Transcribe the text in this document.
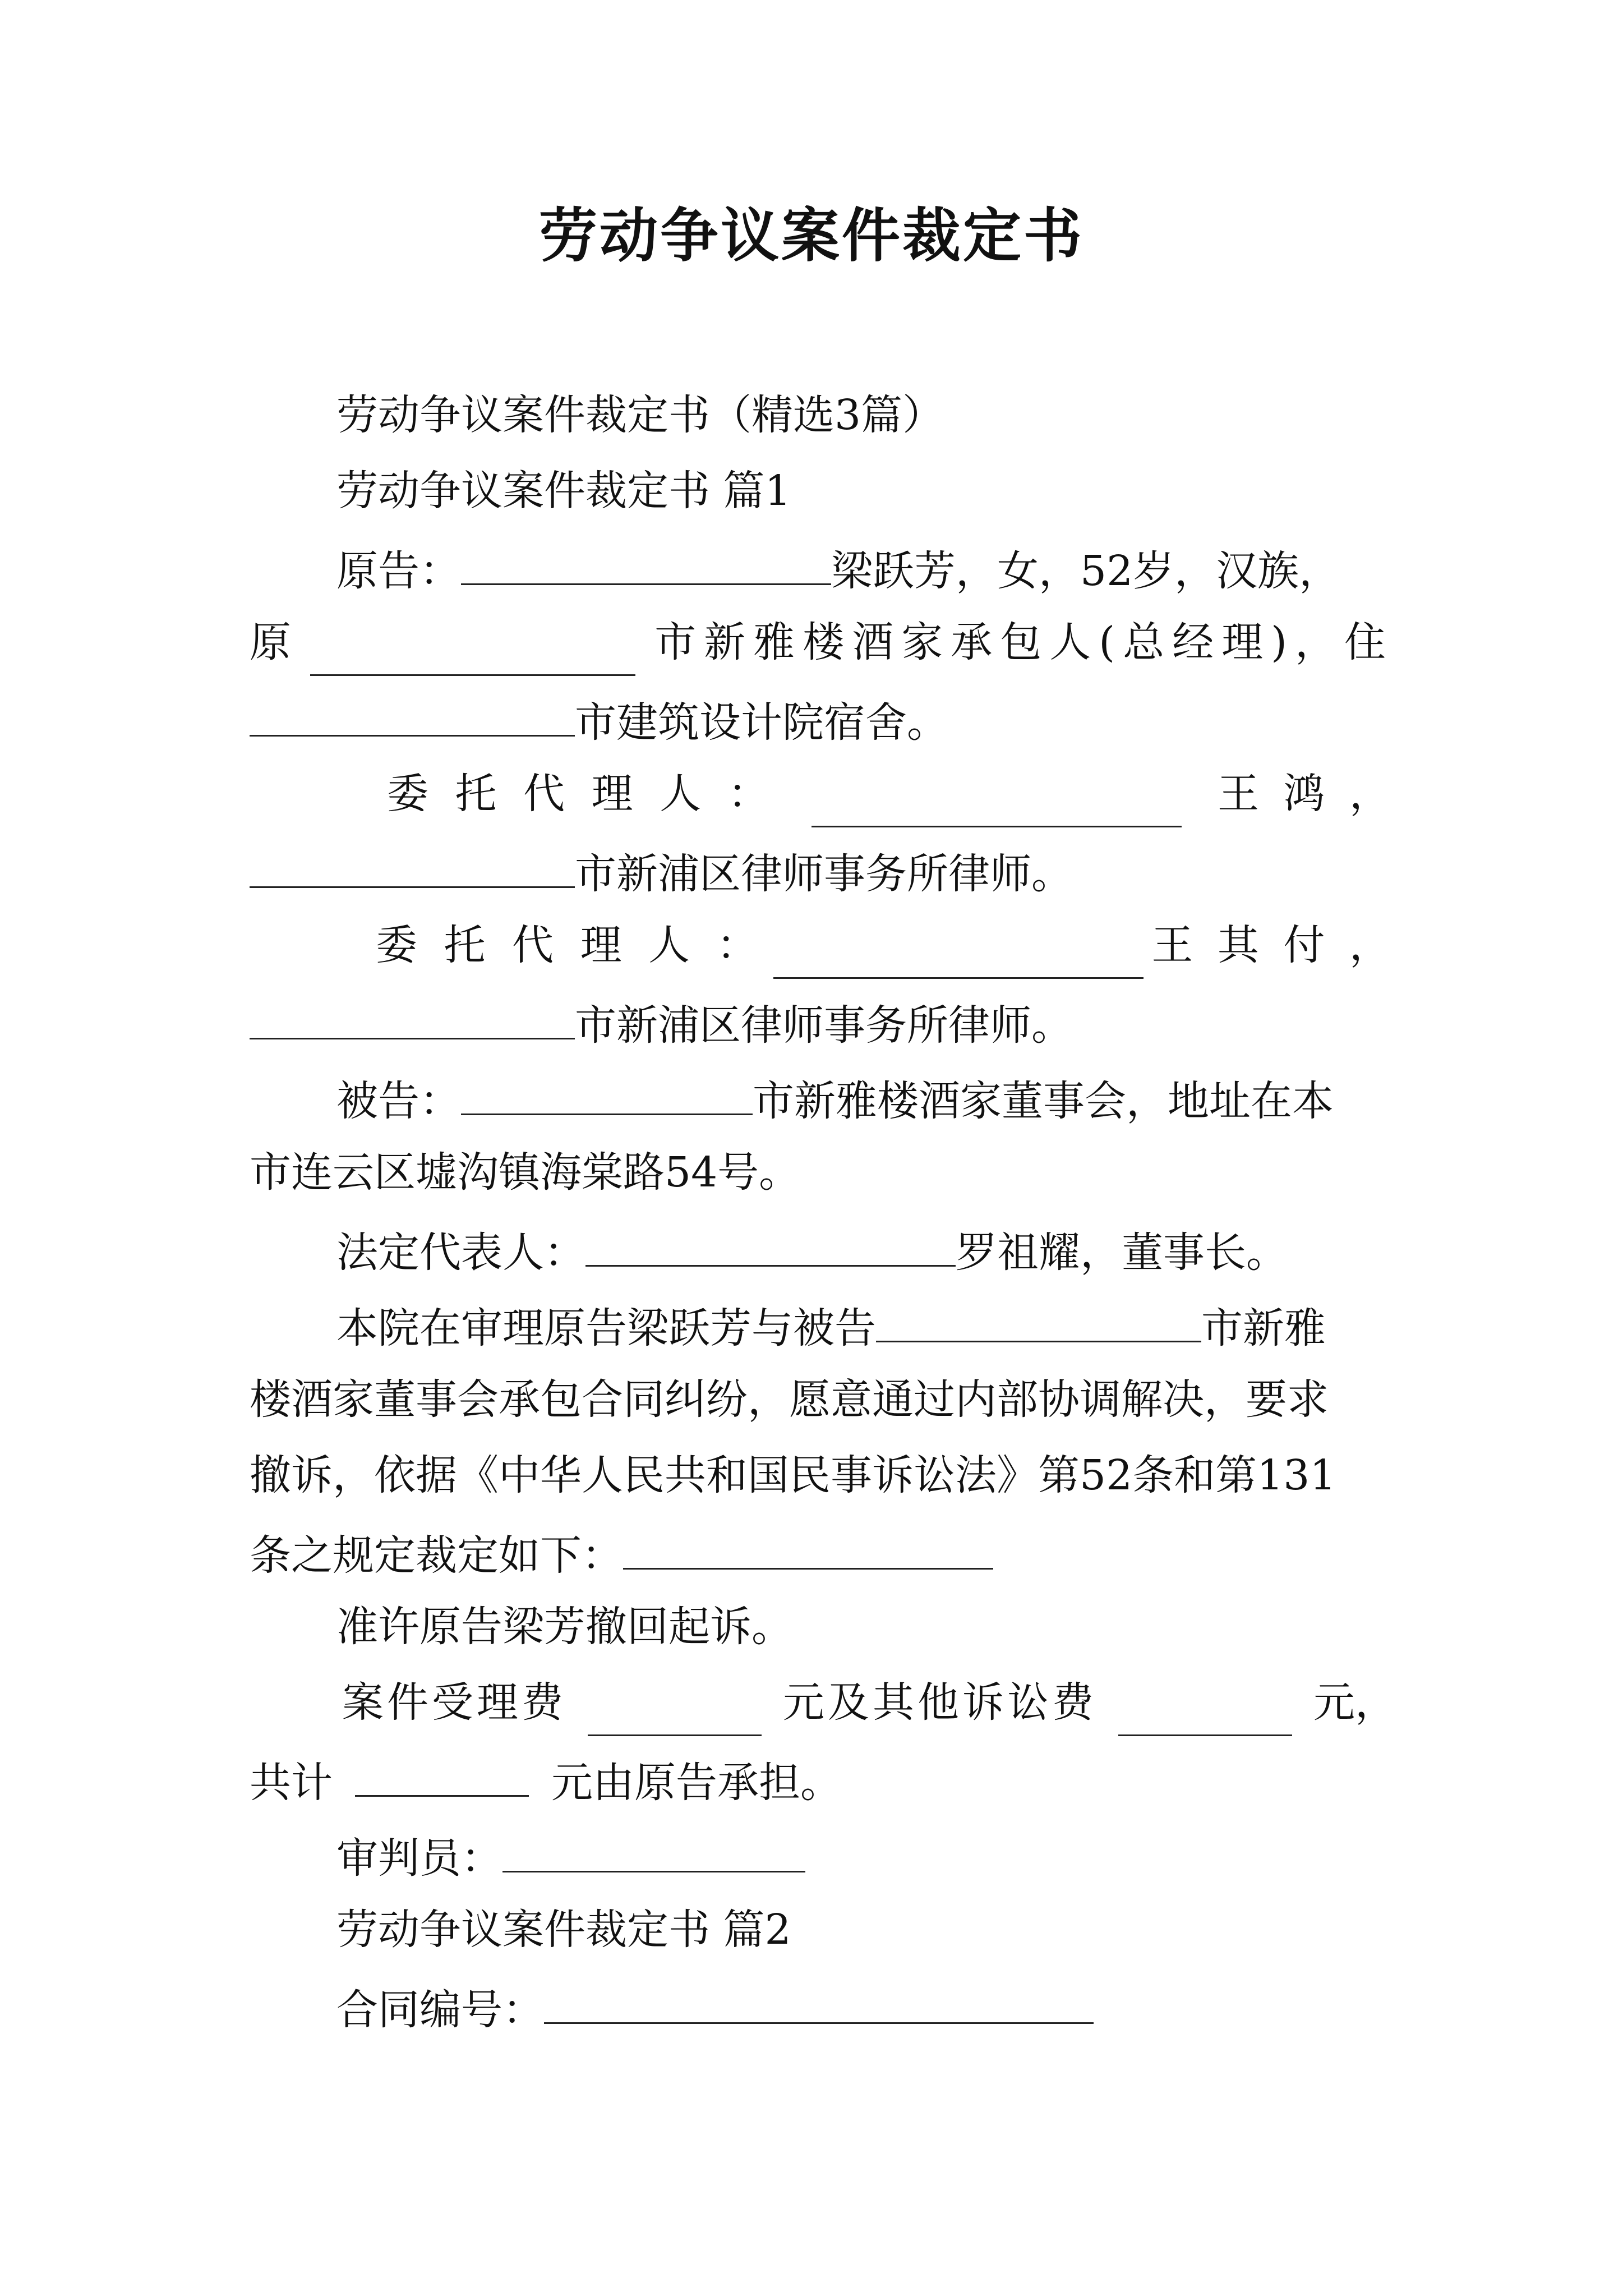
劳动争议案件裁定书
劳动争议案件裁定书（精选3篇）
劳动争议案件裁定书 篇1
原告：	梁跃芳，女，52岁，汉族，
原	市新雅楼酒家承包人(总经理)，住
市建筑设计院宿舍。
委 托 代 理 人 ：	王 鸿 ，
市新浦区律师事务所律师。
委 托 代 理 人 ：	王 其 付 ，
市新浦区律师事务所律师。
被告：	市新雅楼酒家董事会，地址在本
市连云区墟沟镇海棠路54号。
法定代表人：	罗祖耀，董事长。
本院在审理原告梁跃芳与被告	市新雅
楼酒家董事会承包合同纠纷，愿意通过内部协调解决，要求
撤诉，依据《中华人民共和国民事诉讼法》第52条和第131
条之规定裁定如下：
准许原告梁芳撤回起诉。
案件受理费	元及其他诉讼费	元，
共计	元由原告承担。
审判员：
劳动争议案件裁定书 篇2
合同编号：
